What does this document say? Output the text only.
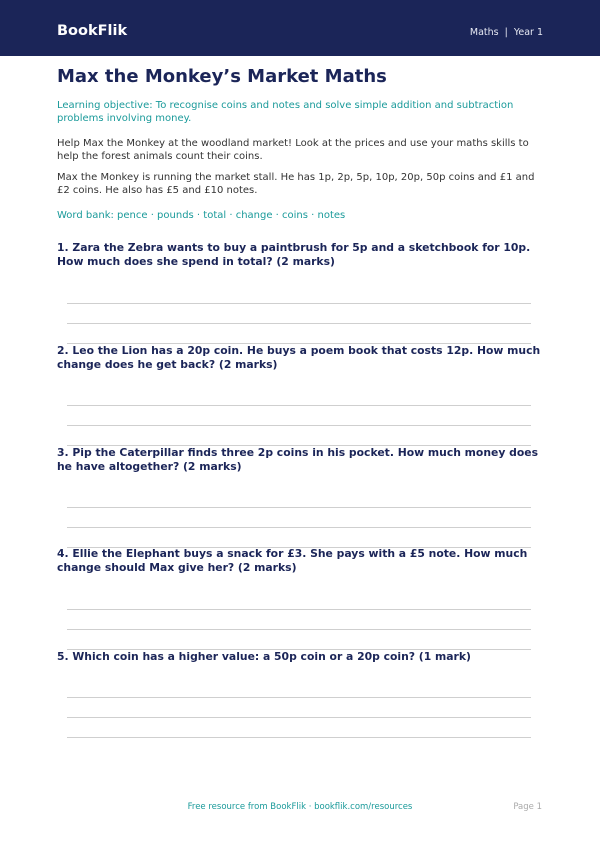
BookFlik	Maths | Year 1
Max the Monkey’s Market Maths

Learning objective: To recognise coins and notes and solve simple addition and subtraction problems involving money.

Help Max the Monkey at the woodland market! Look at the prices and use your maths skills to help the forest animals count their coins.

Max the Monkey is running the market stall. He has 1p, 2p, 5p, 10p, 20p, 50p coins and £1 and £2 coins. He also has £5 and £10 notes.

Word bank: pence · pounds · total · change · coins · notes

1. Zara the Zebra wants to buy a paintbrush for 5p and a sketchbook for 10p. How much does she spend in total? (2 marks)

2. Leo the Lion has a 20p coin. He buys a poem book that costs 12p. How much change does he get back? (2 marks)

3. Pip the Caterpillar finds three 2p coins in his pocket. How much money does he have altogether? (2 marks)

4. Ellie the Elephant buys a snack for £3. She pays with a £5 note. How much change should Max give her? (2 marks)

5. Which coin has a higher value: a 50p coin or a 20p coin? (1 mark)

Free resource from BookFlik · bookflik.com/resources	Page 1
